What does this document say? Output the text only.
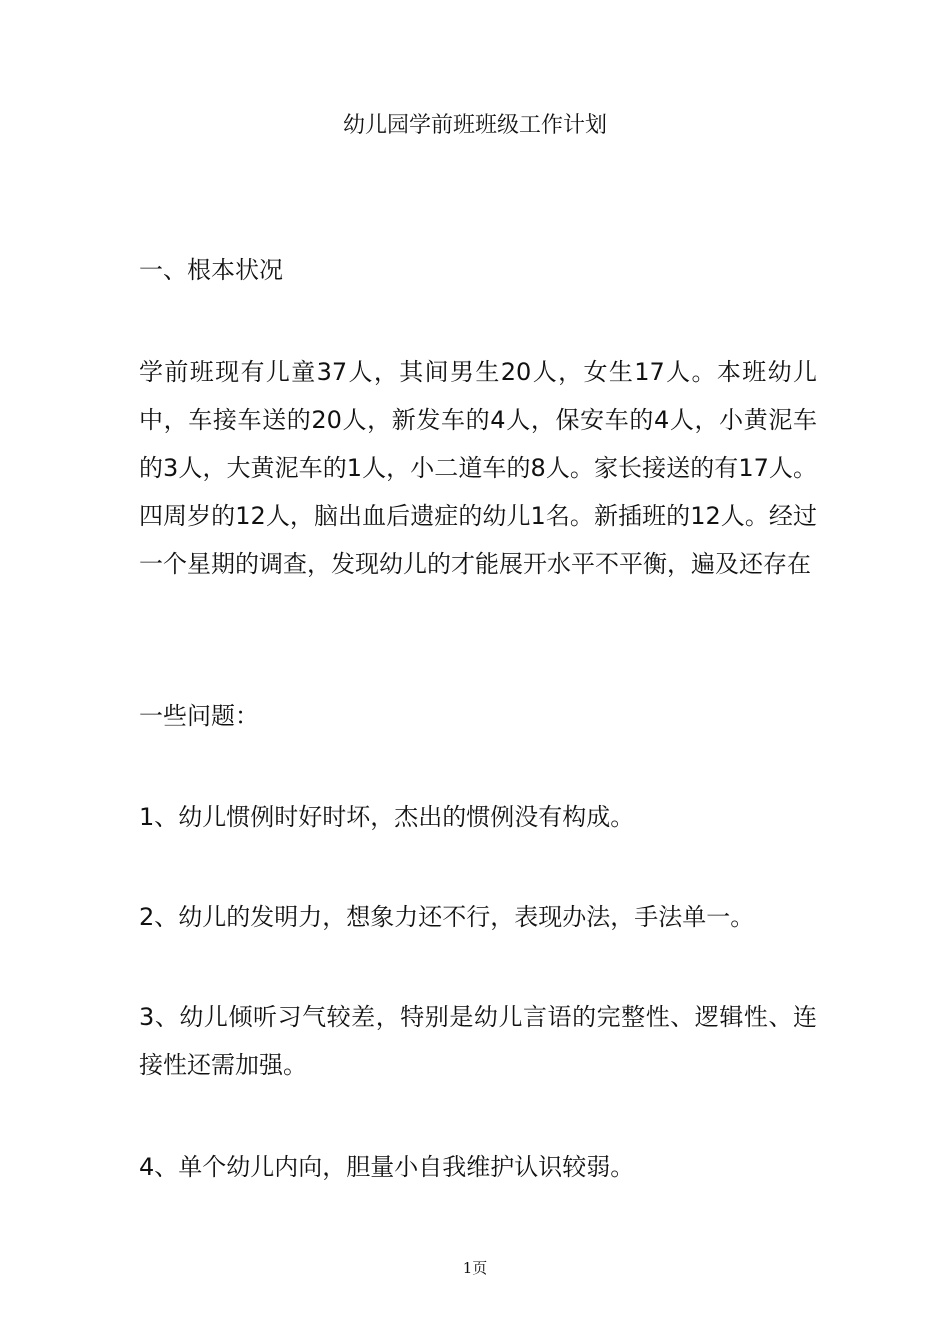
幼儿园学前班班级工作计划

一、根本状况

学前班现有儿童37人，其间男生20人，女生17人。本班幼儿中，车接车送的20人，新发车的4人，保安车的4人，小黄泥车的3人，大黄泥车的1人，小二道车的8人。家长接送的有17人。四周岁的12人，脑出血后遗症的幼儿1名。新插班的12人。经过一个星期的调查，发现幼儿的才能展开水平不平衡，遍及还存在

一些问题：

1、幼儿惯例时好时坏，杰出的惯例没有构成。

2、幼儿的发明力，想象力还不行，表现办法，手法单一。

3、幼儿倾听习气较差，特别是幼儿言语的完整性、逻辑性、连接性还需加强。

4、单个幼儿内向，胆量小自我维护认识较弱。

1页
